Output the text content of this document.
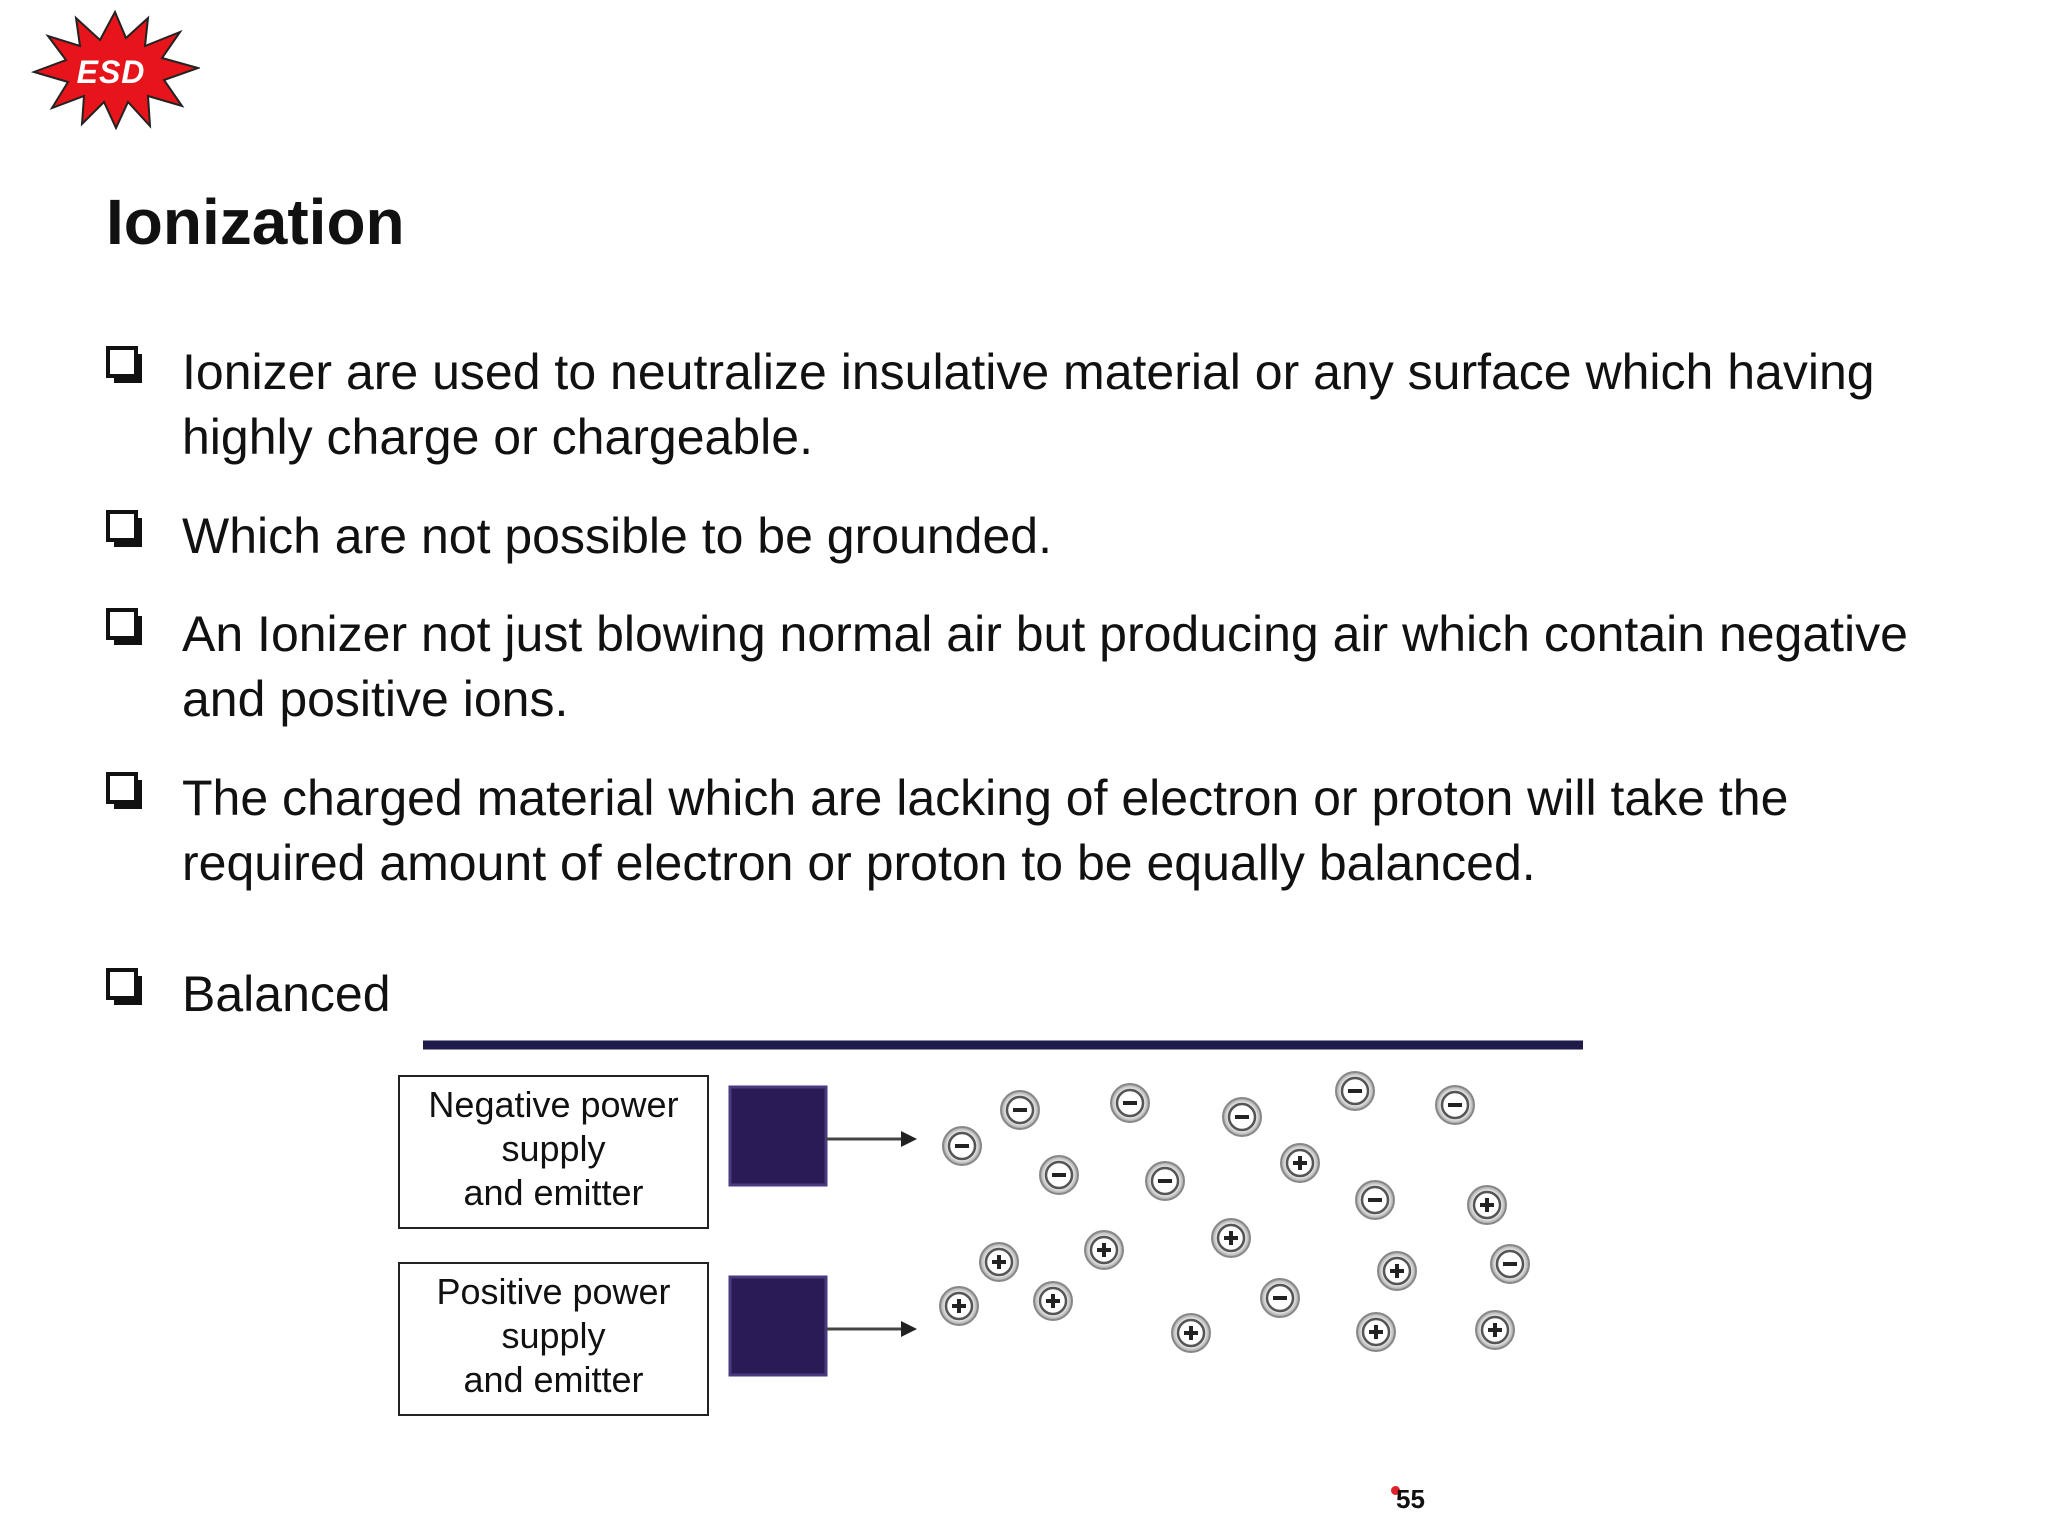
ESD
Ionization
Ionizer are used to neutralize insulative material or any surface which having highly charge or chargeable.
Which are not possible to be grounded.
An Ionizer not just blowing normal air but producing air which contain negative and positive ions.
The charged material which are lacking of electron or proton will take the required amount of electron or proton to be equally balanced.
Balanced
Negative power
supply
and emitter
Positive power
supply
and emitter
55
